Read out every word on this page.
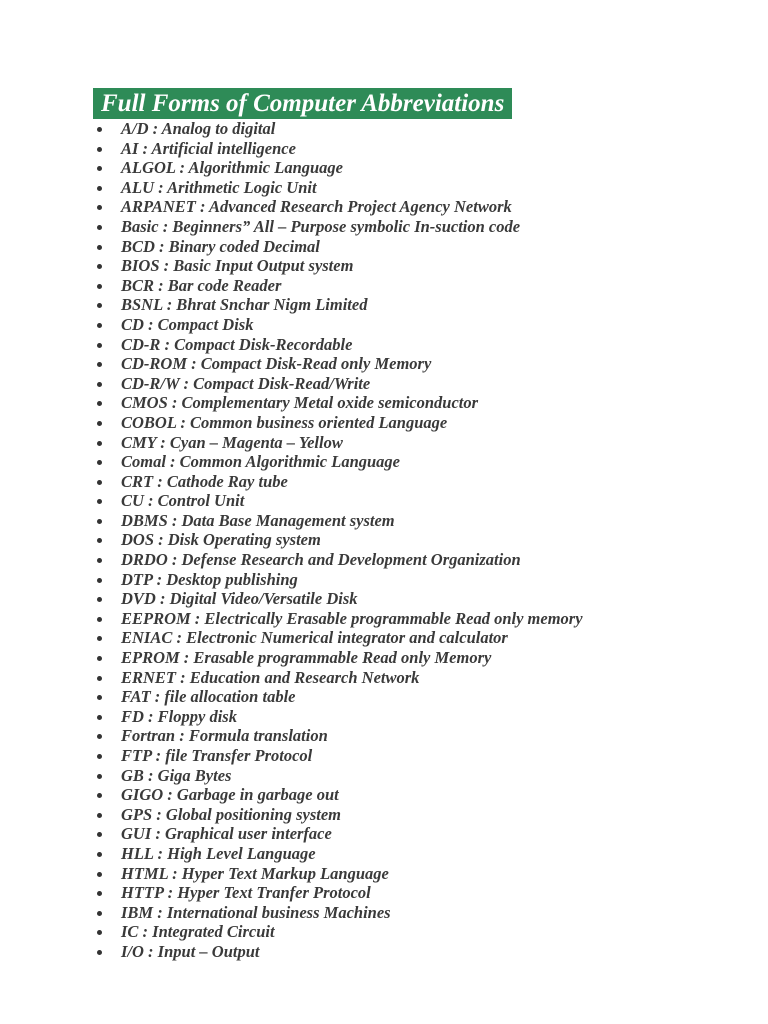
Full Forms of Computer Abbreviations
A/D : Analog to digital
AI : Artificial intelligence
ALGOL : Algorithmic Language
ALU : Arithmetic Logic Unit
ARPANET : Advanced Research Project Agency Network
Basic : Beginners” All – Purpose symbolic In-suction code
BCD : Binary coded Decimal
BIOS : Basic Input Output system
BCR : Bar code Reader
BSNL : Bhrat Snchar Nigm Limited
CD : Compact Disk
CD-R : Compact Disk-Recordable
CD-ROM : Compact Disk-Read only Memory
CD-R/W : Compact Disk-Read/Write
CMOS : Complementary Metal oxide semiconductor
COBOL : Common business oriented Language
CMY : Cyan – Magenta – Yellow
Comal : Common Algorithmic Language
CRT : Cathode Ray tube
CU : Control Unit
DBMS : Data Base Management system
DOS : Disk Operating system
DRDO : Defense Research and Development Organization
DTP : Desktop publishing
DVD : Digital Video/Versatile Disk
EEPROM : Electrically Erasable programmable Read only memory
ENIAC : Electronic Numerical integrator and calculator
EPROM : Erasable programmable Read only Memory
ERNET : Education and Research Network
FAT : file allocation table
FD : Floppy disk
Fortran : Formula translation
FTP : file Transfer Protocol
GB : Giga Bytes
GIGO : Garbage in garbage out
GPS : Global positioning system
GUI : Graphical user interface
HLL : High Level Language
HTML : Hyper Text Markup Language
HTTP : Hyper Text Tranfer Protocol
IBM : International business Machines
IC : Integrated Circuit
I/O : Input – Output
